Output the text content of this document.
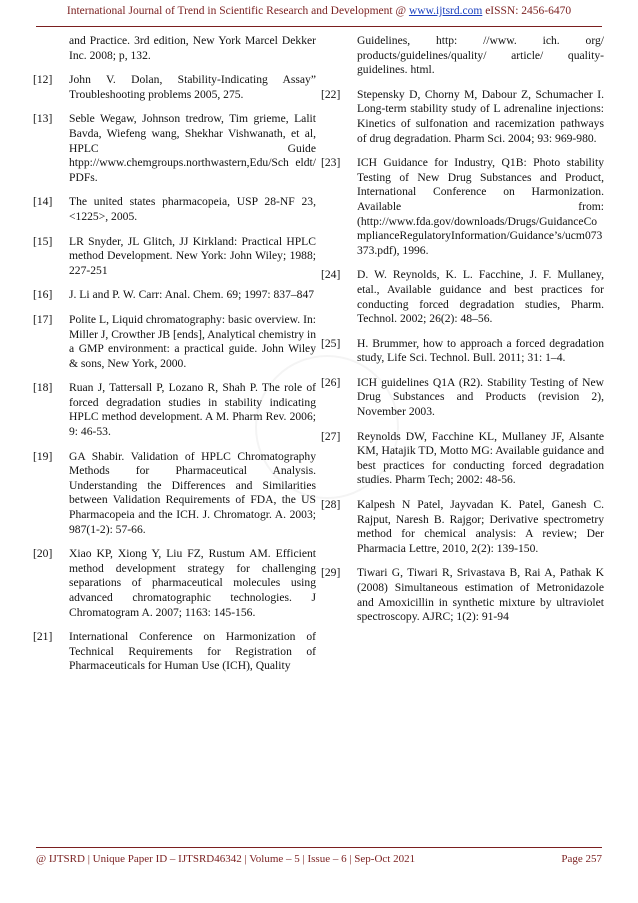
International Journal of Trend in Scientific Research and Development @ www.ijtsrd.com eISSN: 2456-6470
and Practice. 3rd edition, New York Marcel Dekker Inc. 2008; p, 132.
[12]	John V. Dolan, Stability-Indicating Assay” Troubleshooting problems 2005, 275.
[13]	Seble Wegaw, Johnson tredrow, Tim grieme, Lalit Bavda, Wiefeng wang, Shekhar Vishwanath, et al, HPLC Guide htpp://www.chemgroups.northwastern,Edu/Sch eldt/ PDFs.
[14]	The united states pharmacopeia, USP 28-NF 23, <1225>, 2005.
[15]	LR Snyder, JL Glitch, JJ Kirkland: Practical HPLC method Development. New York: John Wiley; 1988; 227-251
[16]	J. Li and P. W. Carr: Anal. Chem. 69; 1997: 837–847
[17]	Polite L, Liquid chromatography: basic overview. In: Miller J, Crowther JB [ends], Analytical chemistry in a GMP environment: a practical guide. John Wiley & sons, New York, 2000.
[18]	Ruan J, Tattersall P, Lozano R, Shah P. The role of forced degradation studies in stability indicating HPLC method development. A M. Pharm Rev. 2006; 9: 46-53.
[19]	GA Shabir. Validation of HPLC Chromatography Methods for Pharmaceutical Analysis. Understanding the Differences and Similarities between Validation Requirements of FDA, the US Pharmacopeia and the ICH. J. Chromatogr. A. 2003; 987(1-2): 57-66.
[20]	Xiao KP, Xiong Y, Liu FZ, Rustum AM. Efficient method development strategy for challenging separations of pharmaceutical molecules using advanced chromatographic technologies. J Chromatogram A. 2007; 1163: 145-156.
[21]	International Conference on Harmonization of Technical Requirements for Registration of Pharmaceuticals for Human Use (ICH), Quality
Guidelines, http: //www. ich. org/ products/guidelines/quality/ article/ quality-guidelines. html.
[22]	Stepensky D, Chorny M, Dabour Z, Schumacher I. Long-term stability study of L adrenaline injections: Kinetics of sulfonation and racemization pathways of drug degradation. Pharm Sci. 2004; 93: 969-980.
[23]	ICH Guidance for Industry, Q1B: Photo stability Testing of New Drug Substances and Product, International Conference on Harmonization. Available from: (http://www.fda.gov/downloads/Drugs/GuidanceComplianceRegulatoryInformation/Guidance’s/ucm073373.pdf), 1996.
[24]	D. W. Reynolds, K. L. Facchine, J. F. Mullaney, etal., Available guidance and best practices for conducting forced degradation studies, Pharm. Technol. 2002; 26(2): 48–56.
[25]	H. Brummer, how to approach a forced degradation study, Life Sci. Technol. Bull. 2011; 31: 1–4.
[26]	ICH guidelines Q1A (R2). Stability Testing of New Drug Substances and Products (revision 2), November 2003.
[27]	Reynolds DW, Facchine KL, Mullaney JF, Alsante KM, Hatajik TD, Motto MG: Available guidance and best practices for conducting forced degradation studies. Pharm Tech; 2002: 48-56.
[28]	Kalpesh N Patel, Jayvadan K. Patel, Ganesh C. Rajput, Naresh B. Rajgor; Derivative spectrometry method for chemical analysis: A review; Der Pharmacia Lettre, 2010, 2(2): 139-150.
[29]	Tiwari G, Tiwari R, Srivastava B, Rai A, Pathak K (2008) Simultaneous estimation of Metronidazole and Amoxicillin in synthetic mixture by ultraviolet spectroscopy. AJRC; 1(2): 91-94
@ IJTSRD | Unique Paper ID – IJTSRD46342 | Volume – 5 | Issue – 6 | Sep-Oct 2021	Page 257
